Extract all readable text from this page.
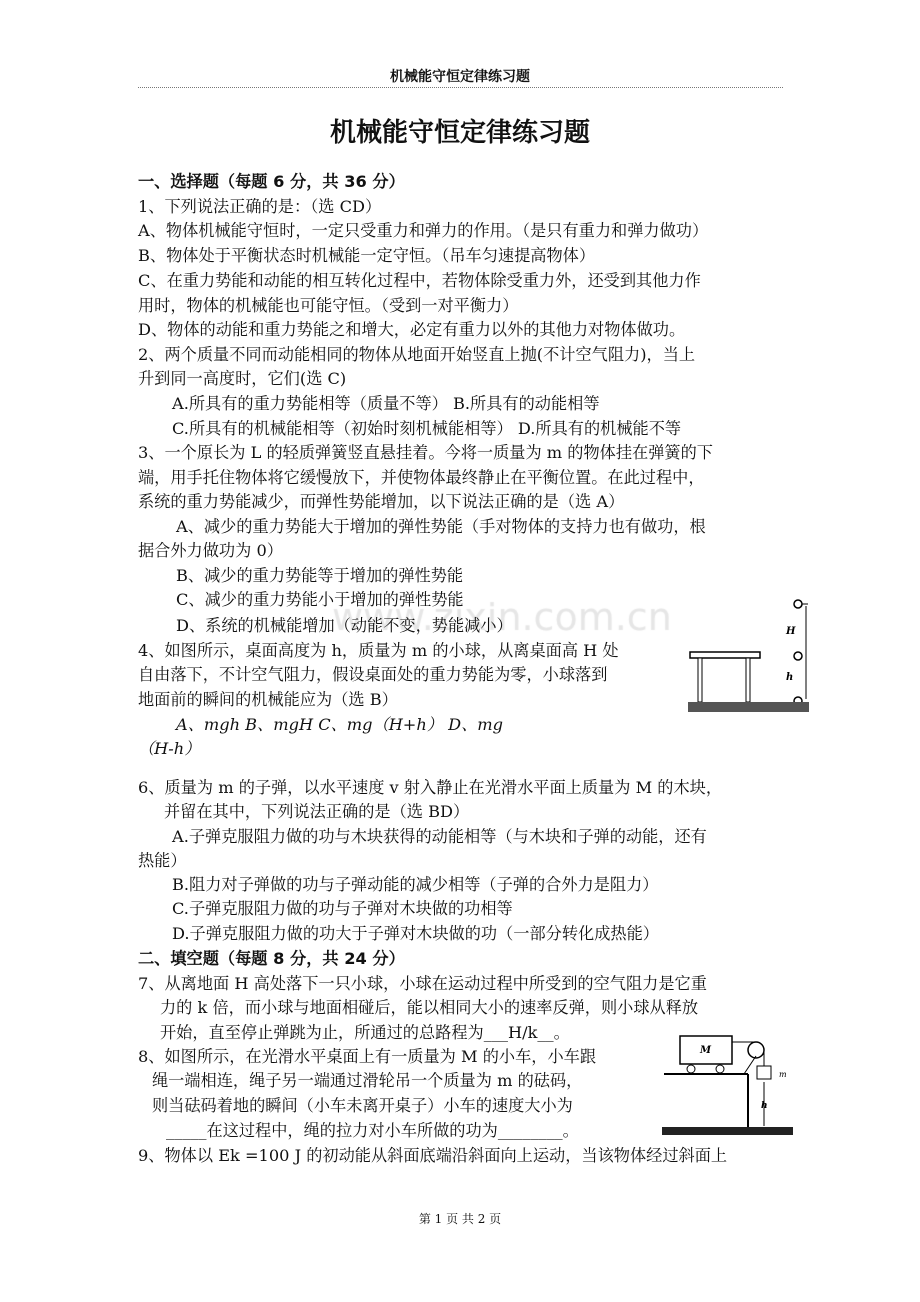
机械能守恒定律练习题
机械能守恒定律练习题
一、选择题（每题 6 分，共 36 分）
1、下列说法正确的是：（选 CD）
A、物体机械能守恒时，一定只受重力和弹力的作用。（是只有重力和弹力做功）
B、物体处于平衡状态时机械能一定守恒。（吊车匀速提高物体）
C、在重力势能和动能的相互转化过程中，若物体除受重力外，还受到其他力作
用时，物体的机械能也可能守恒。（受到一对平衡力）
D、物体的动能和重力势能之和增大，必定有重力以外的其他力对物体做功。
2、两个质量不同而动能相同的物体从地面开始竖直上抛(不计空气阻力)，当上
升到同一高度时，它们(选 C)
A.所具有的重力势能相等（质量不等） B.所具有的动能相等
C.所具有的机械能相等（初始时刻机械能相等） D.所具有的机械能不等
3、一个原长为 L 的轻质弹簧竖直悬挂着。今将一质量为 m 的物体挂在弹簧的下
端，用手托住物体将它缓慢放下，并使物体最终静止在平衡位置。在此过程中，
系统的重力势能减少，而弹性势能增加，以下说法正确的是（选 A）
A、减少的重力势能大于增加的弹性势能（手对物体的支持力也有做功，根
据合外力做功为 0）
B、减少的重力势能等于增加的弹性势能
C、减少的重力势能小于增加的弹性势能
D、系统的机械能增加（动能不变，势能减小）
4、如图所示，桌面高度为 h，质量为 m 的小球，从离桌面高 H 处
自由落下，不计空气阻力，假设桌面处的重力势能为零，小球落到
地面前的瞬间的机械能应为（选 B）
A、mgh B、mgH C、mg（H+h） D、mg
（H-h）
6、质量为 m 的子弹，以水平速度 v 射入静止在光滑水平面上质量为 M 的木块，
并留在其中，下列说法正确的是（选 BD）
A.子弹克服阻力做的功与木块获得的动能相等（与木块和子弹的动能，还有
热能）
B.阻力对子弹做的功与子弹动能的减少相等（子弹的合外力是阻力）
C.子弹克服阻力做的功与子弹对木块做的功相等
D.子弹克服阻力做的功大于子弹对木块做的功（一部分转化成热能）
二、填空题（每题 8 分，共 24 分）
7、从离地面 H 高处落下一只小球，小球在运动过程中所受到的空气阻力是它重
力的 k 倍，而小球与地面相碰后，能以相同大小的速率反弹，则小球从释放
开始，直至停止弹跳为止，所通过的总路程为___H/k__。
8、如图所示，在光滑水平桌面上有一质量为 M 的小车，小车跟
绳一端相连，绳子另一端通过滑轮吊一个质量为 m 的砝码，
则当砝码着地的瞬间（小车未离开桌子）小车的速度大小为
_____在这过程中，绳的拉力对小车所做的功为________。
9、物体以 Ek =100 J 的初动能从斜面底端沿斜面向上运动，当该物体经过斜面上
H
h
M
m
h
第 1 页 共 2 页
